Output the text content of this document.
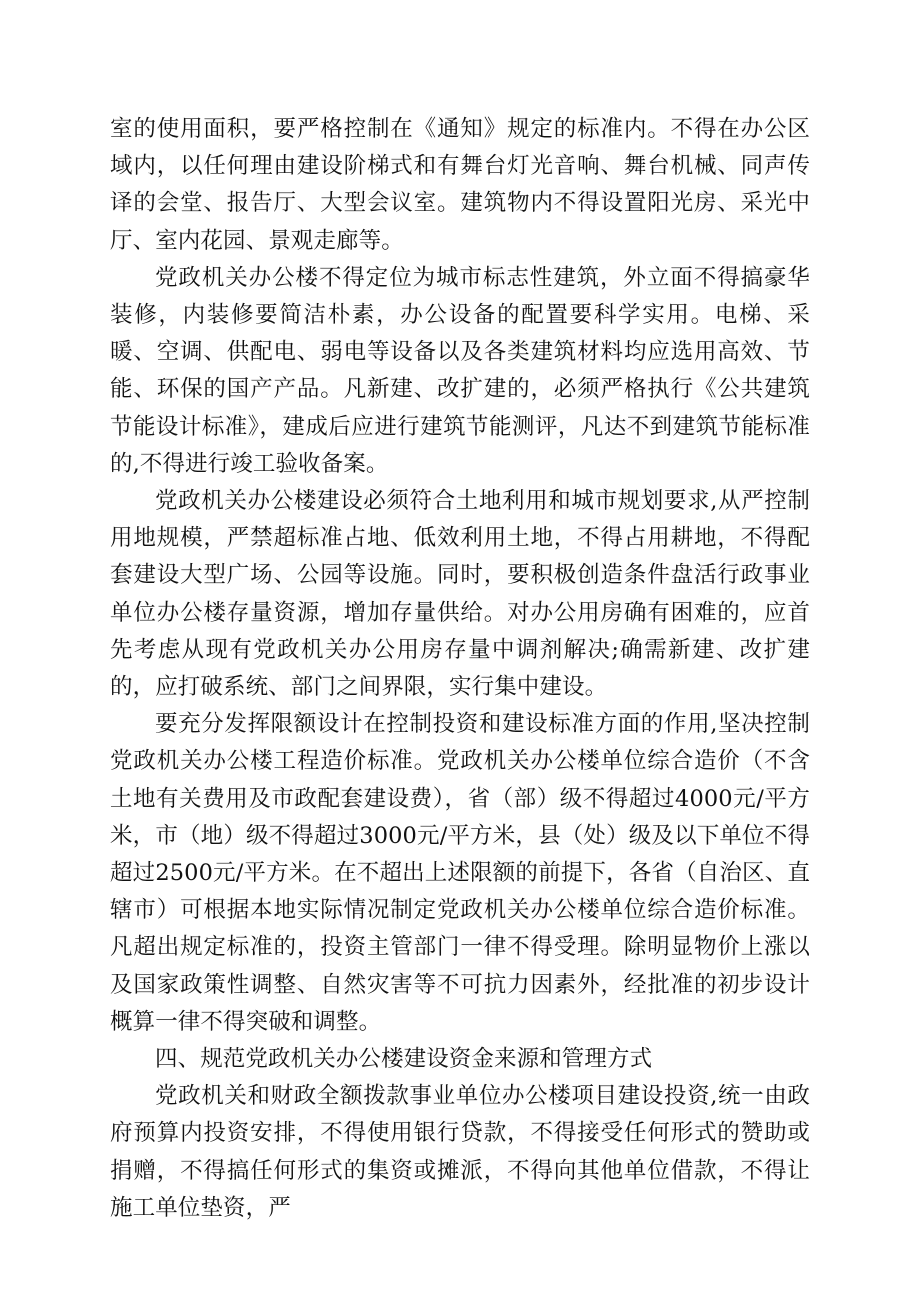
室的使用面积，要严格控制在《通知》规定的标准内。不得在办公区域内，以任何理由建设阶梯式和有舞台灯光音响、舞台机械、同声传译的会堂、报告厅、大型会议室。建筑物内不得设置阳光房、采光中厅、室内花园、景观走廊等。

党政机关办公楼不得定位为城市标志性建筑，外立面不得搞豪华装修，内装修要简洁朴素，办公设备的配置要科学实用。电梯、采暖、空调、供配电、弱电等设备以及各类建筑材料均应选用高效、节能、环保的国产产品。凡新建、改扩建的，必须严格执行《公共建筑节能设计标准》，建成后应进行建筑节能测评，凡达不到建筑节能标准的,不得进行竣工验收备案。

党政机关办公楼建设必须符合土地利用和城市规划要求,从严控制用地规模，严禁超标准占地、低效利用土地，不得占用耕地，不得配套建设大型广场、公园等设施。同时，要积极创造条件盘活行政事业单位办公楼存量资源，增加存量供给。对办公用房确有困难的，应首先考虑从现有党政机关办公用房存量中调剂解决;确需新建、改扩建的，应打破系统、部门之间界限，实行集中建设。

要充分发挥限额设计在控制投资和建设标准方面的作用,坚决控制党政机关办公楼工程造价标准。党政机关办公楼单位综合造价（不含土地有关费用及市政配套建设费），省（部）级不得超过4000元/平方米，市（地）级不得超过3000元/平方米，县（处）级及以下单位不得超过2500元/平方米。在不超出上述限额的前提下，各省（自治区、直辖市）可根据本地实际情况制定党政机关办公楼单位综合造价标准。凡超出规定标准的，投资主管部门一律不得受理。除明显物价上涨以及国家政策性调整、自然灾害等不可抗力因素外，经批准的初步设计概算一律不得突破和调整。

四、规范党政机关办公楼建设资金来源和管理方式

党政机关和财政全额拨款事业单位办公楼项目建设投资,统一由政府预算内投资安排，不得使用银行贷款，不得接受任何形式的赞助或捐赠，不得搞任何形式的集资或摊派，不得向其他单位借款，不得让施工单位垫资，严
